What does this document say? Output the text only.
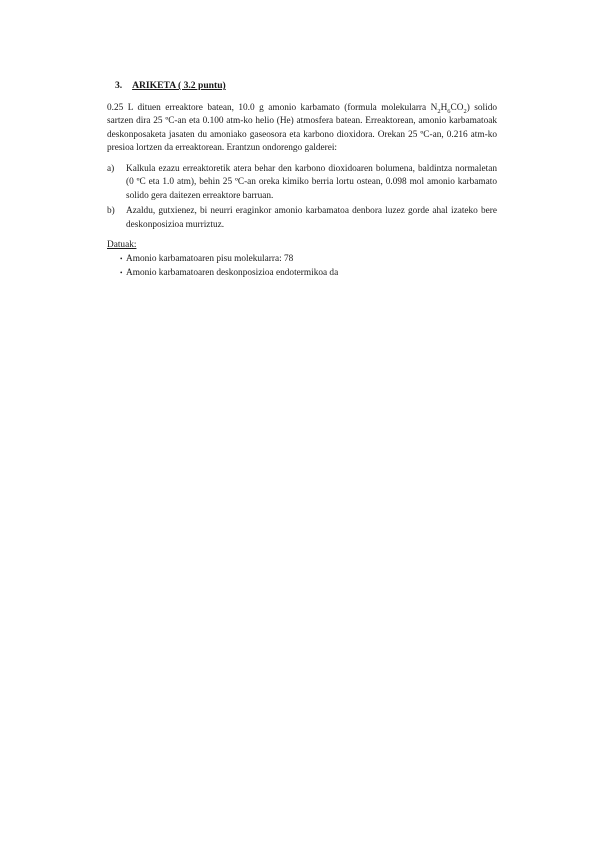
3. ARIKETA ( 3.2 puntu)

0.25 L dituen erreaktore batean, 10.0 g amonio karbamato (formula molekularra $N_2H_6CO_2$) solido sartzen dira 25 ºC-an eta 0.100 atm-ko helio (He) atmosfera batean. Erreaktorean, amonio karbamatoak deskonposaketa jasaten du amoniako gaseosora eta karbono dioxidora. Orekan 25 ºC-an, 0.216 atm-ko presioa lortzen da erreaktorean. Erantzun ondorengo galderei:

a)	Kalkula ezazu erreaktoretik atera behar den karbono dioxidoaren bolumena, baldintza normaletan (0 ºC eta 1.0 atm), behin 25 ºC-an oreka kimiko berria lortu ostean, 0.098 mol amonio karbamato solido gera daitezen erreaktore barruan.
b)	Azaldu, gutxienez, bi neurri eraginkor amonio karbamatoa denbora luzez gorde ahal izateko bere deskonposizioa murriztuz.
Datuak:
• Amonio karbamatoaren pisu molekularra: 78
• Amonio karbamatoaren deskonposizioa endotermikoa da
